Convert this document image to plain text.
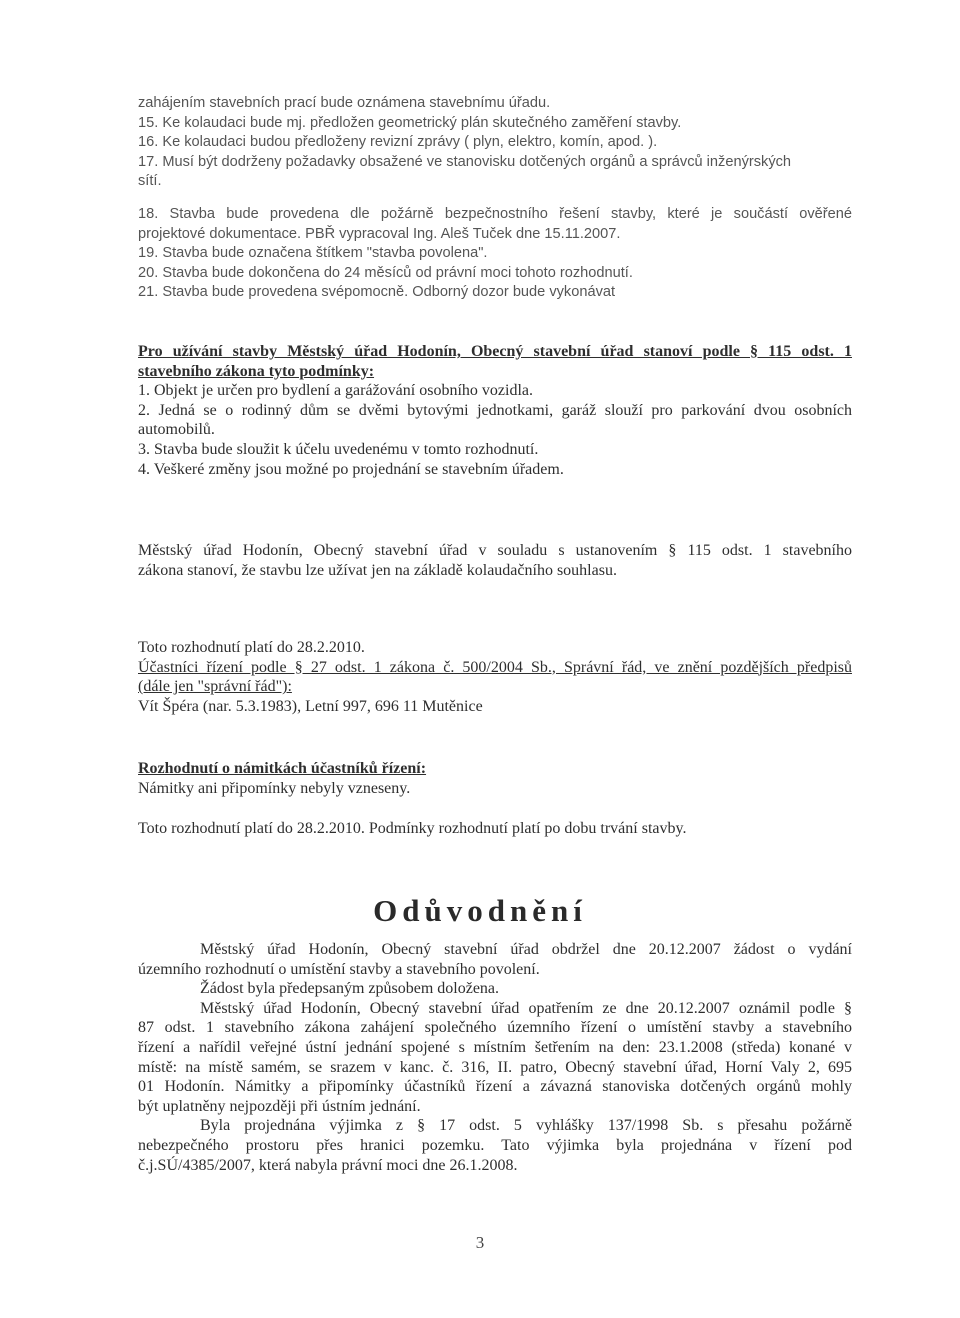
zahájením stavebních prací bude oznámena stavebnímu úřadu.
15. Ke kolaudaci bude mj. předložen geometrický plán skutečného zaměření stavby.
16. Ke kolaudaci budou předloženy revizní zprávy ( plyn, elektro, komín, apod. ).
17. Musí být dodrženy požadavky obsažené ve stanovisku dotčených orgánů a správců inženýrských
sítí.
18. Stavba bude provedena dle požárně bezpečnostního řešení stavby, které je součástí ověřené
projektové dokumentace. PBŘ vypracoval Ing. Aleš Tuček dne 15.11.2007.
19. Stavba bude označena štítkem "stavba povolena".
20. Stavba bude dokončena do 24 měsíců od právní moci tohoto rozhodnutí.
21. Stavba bude provedena svépomocně. Odborný dozor bude vykonávat
Pro užívání stavby Městský úřad Hodonín, Obecný stavební úřad stanoví podle § 115 odst. 1
stavebního zákona tyto podmínky:
1. Objekt je určen pro bydlení a garážování osobního vozidla.
2. Jedná se o rodinný dům se dvěmi bytovými jednotkami, garáž slouží pro parkování dvou osobních
automobilů.
3. Stavba bude sloužit k účelu uvedenému v tomto rozhodnutí.
4. Veškeré změny jsou možné po projednání se stavebním úřadem.
Městský úřad Hodonín, Obecný stavební úřad v souladu s ustanovením § 115 odst. 1 stavebního
zákona stanoví, že stavbu lze užívat jen na základě kolaudačního souhlasu.
Toto rozhodnutí platí do 28.2.2010.
Účastníci řízení podle § 27 odst. 1 zákona č. 500/2004 Sb., Správní řád, ve znění pozdějších předpisů
(dále jen "správní řád"):
Vít Špéra (nar. 5.3.1983), Letní 997, 696 11 Mutěnice
Rozhodnutí o námitkách účastníků řízení:
Námitky ani připomínky nebyly vzneseny.
Toto rozhodnutí platí do 28.2.2010. Podmínky rozhodnutí platí po dobu trvání stavby.
Odůvodnění
Městský úřad Hodonín, Obecný stavební úřad obdržel dne 20.12.2007 žádost o vydání
územního rozhodnutí o umístění stavby a stavebního povolení.
Žádost byla předepsaným způsobem doložena.
Městský úřad Hodonín, Obecný stavební úřad opatřením ze dne 20.12.2007 oznámil podle §
87 odst. 1 stavebního zákona zahájení společného územního řízení o umístění stavby a stavebního
řízení a nařídil veřejné ústní jednání spojené s místním šetřením na den: 23.1.2008 (středa) konané v
místě: na místě samém, se srazem v kanc. č. 316, II. patro, Obecný stavební úřad, Horní Valy 2, 695
01 Hodonín. Námitky a připomínky účastníků řízení a závazná stanoviska dotčených orgánů mohly
být uplatněny nejpozději při ústním jednání.
Byla projednána výjimka z § 17 odst. 5 vyhlášky 137/1998 Sb. s přesahu požárně
nebezpečného prostoru přes hranici pozemku. Tato výjimka byla projednána v řízení pod
č.j.SÚ/4385/2007, která nabyla právní moci dne 26.1.2008.
3
